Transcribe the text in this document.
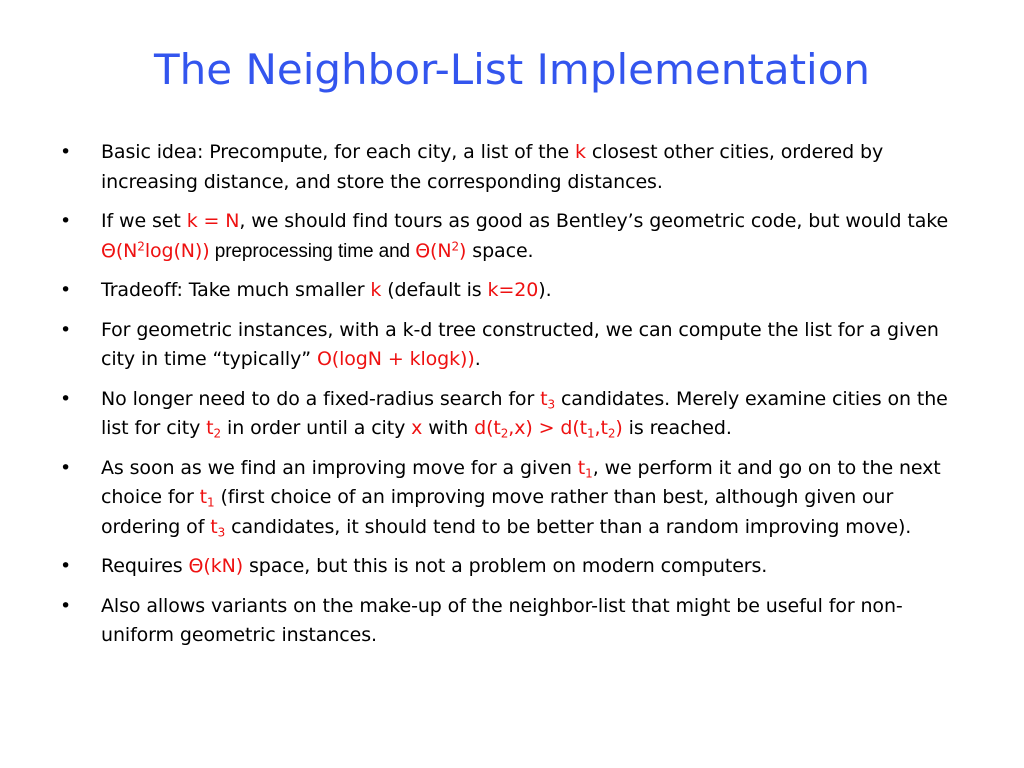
The Neighbor-List Implementation
•	Basic idea: Precompute, for each city, a list of the k closest other cities, ordered by increasing distance, and store the corresponding distances.
•	If we set k = N, we should find tours as good as Bentley’s geometric code, but would take $\Theta(N^2\log(N))$ preprocessing time and $\Theta(N^2)$ space.
•	Tradeoff: Take much smaller k (default is k=20).
•	For geometric instances, with a k-d tree constructed, we can compute the list for a given city in time “typically” O(logN + klogk)).
•	No longer need to do a fixed-radius search for $t_3$ candidates. Merely examine cities on the list for city $t_2$ in order until a city x with $d(t_2,x) > d(t_1,t_2)$ is reached.
•	As soon as we find an improving move for a given $t_1$, we perform it and go on to the next choice for $t_1$ (first choice of an improving move rather than best, although given our ordering of $t_3$ candidates, it should tend to be better than a random improving move).
•	Requires Θ(kN) space, but this is not a problem on modern computers.
•	Also allows variants on the make-up of the neighbor-list that might be useful for non-uniform geometric instances.
